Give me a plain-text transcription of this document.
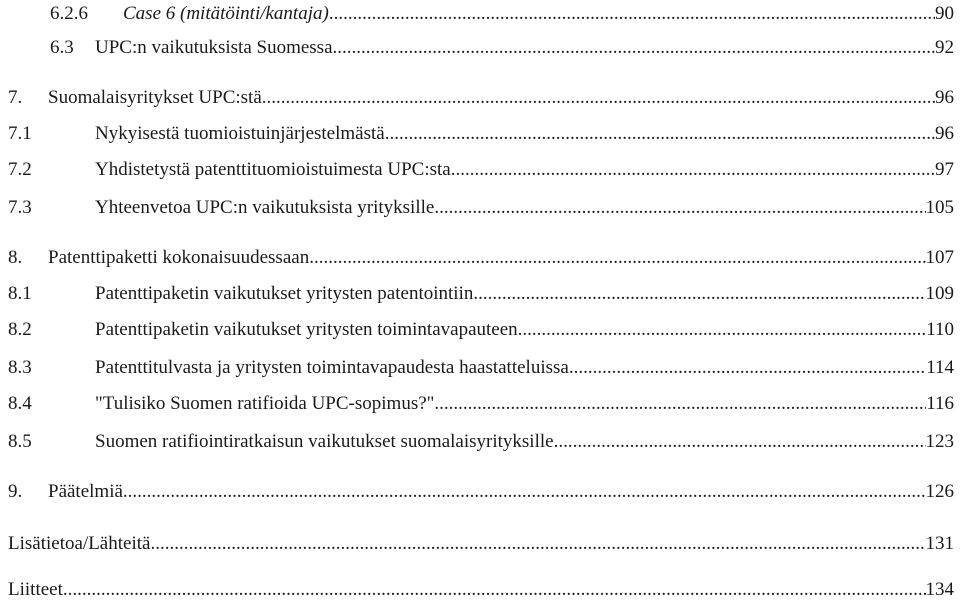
6.2.6 Case 6 (mitätöinti/kantaja) .....	90
6.3 UPC:n vaikutuksista Suomessa .....	92
7. Suomalaisyritykset UPC:stä .....	96
7.1	Nykyisestä tuomioistuinjärjestelmästä .....	96
7.2	Yhdistetystä patenttituomioistuimesta UPC:sta .....	97
7.3	Yhteenvetoa UPC:n vaikutuksista yrityksille .....	105
8. Patenttipaketti kokonaisuudessaan .....	107
8.1	Patenttipaketin vaikutukset yritysten patentointiin .....	109
8.2	Patenttipaketin vaikutukset yritysten toimintavapauteen .....	110
8.3	Patenttitulvasta ja yritysten toimintavapaudesta haastatteluissa .....	114
8.4	"Tulisiko Suomen ratifioida UPC-sopimus?" .....	116
8.5	Suomen ratifiointiratkaisun vaikutukset suomalaisyrityksille .....	123
9. Päätelmiä .....	126
Lisätietoa/Lähteitä .....	131
Liitteet .....	134
